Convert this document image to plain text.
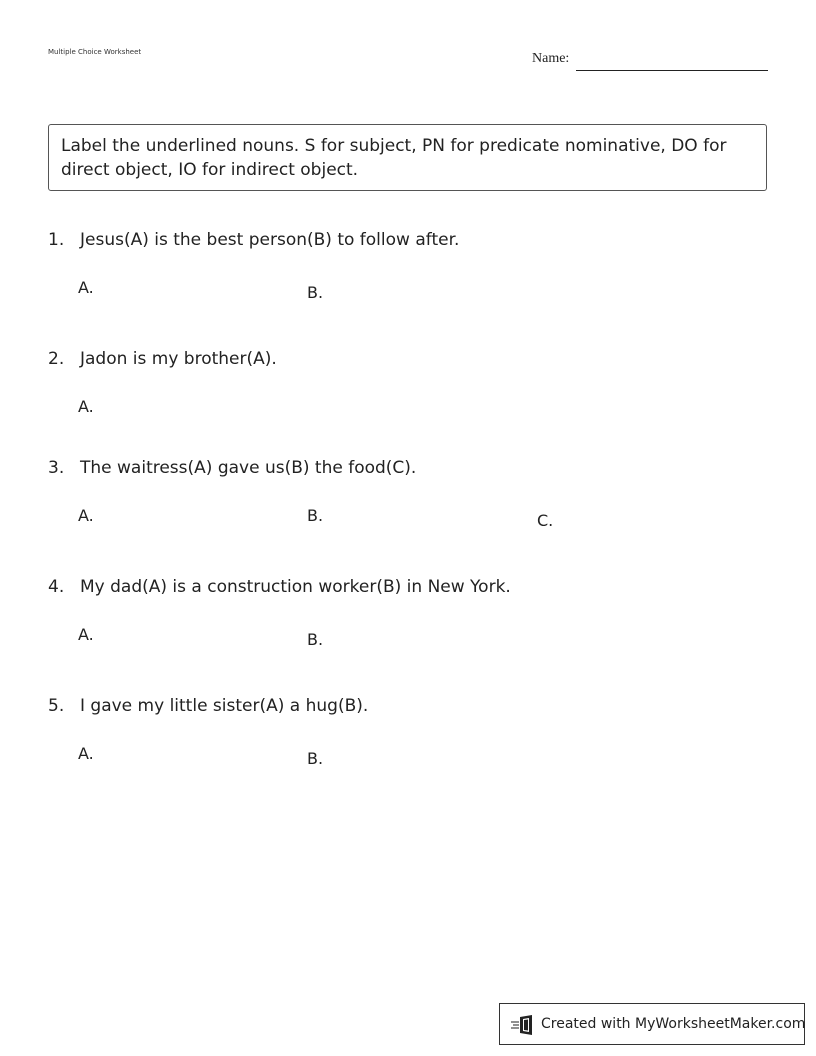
Multiple Choice Worksheet	Name:
Label the underlined nouns. S for subject, PN for predicate nominative, DO for direct object, IO for indirect object.
1. Jesus(A) is the best person(B) to follow after.
A.	B.
2. Jadon is my brother(A).
A.
3. The waitress(A) gave us(B) the food(C).
A.	B.	C.
4. My dad(A) is a construction worker(B) in New York.
A.	B.
5. I gave my little sister(A) a hug(B).
A.	B.
Created with MyWorksheetMaker.com
